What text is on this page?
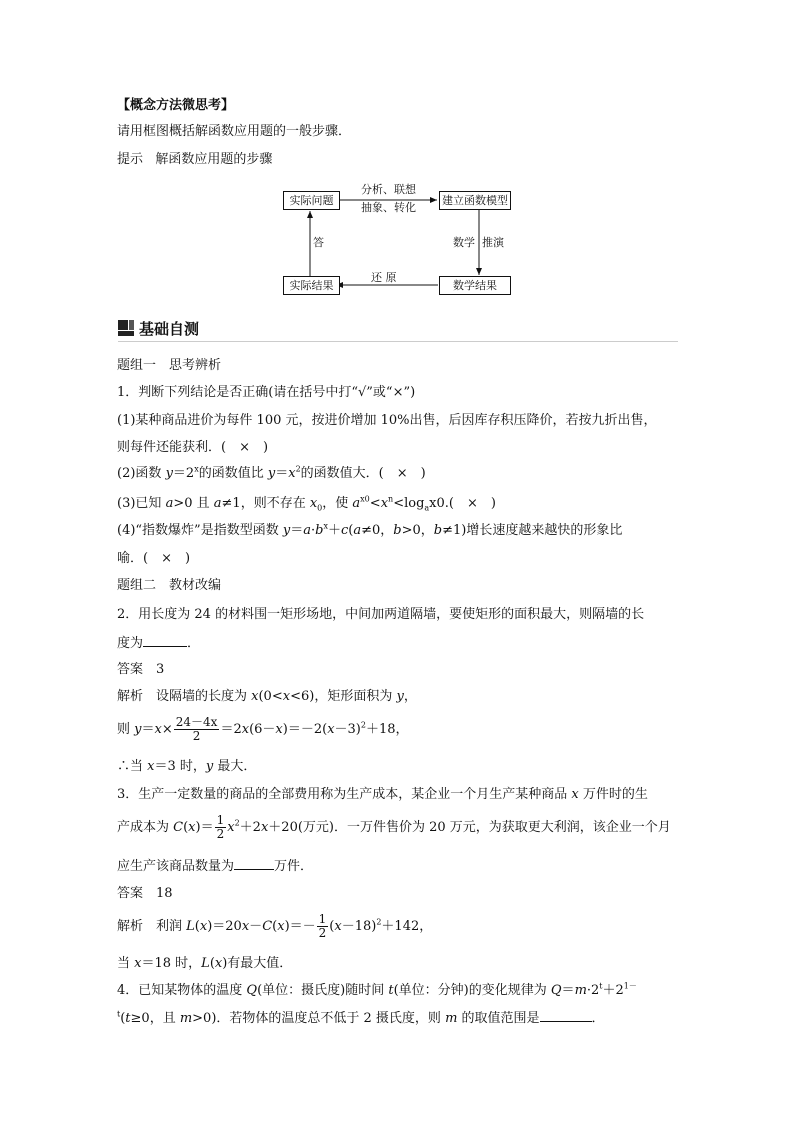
【概念方法微思考】
请用框图概括解函数应用题的一般步骤．
提示 解函数应用题的步骤
实际问题	建立函数模型
数学结果
实际结果
分析、联想
抽象、转化
数学 推演
还 原
答
基础自测
题组一　思考辨析
1．判断下列结论是否正确(请在括号中打“√”或“×”)
(1)某种商品进价为每件 100 元，按进价增加 10%出售，后因库存积压降价，若按九折出售，
则每件还能获利．(　×　)
(2)函数 $y=2^x$的函数值比 $y=x^2$的函数值大．(　×　)
(3)已知 a>0 且 a≠1，则不存在 $x_0$，使 $a^{x0}<x^n<\log_ax0$.(　×　)
(4)“指数爆炸”是指数型函数 $y=a\cdot b^x+c(a\ne 0$，b>0，b≠1)增长速度越来越快的形象比
喻．(　×　)
题组二　教材改编
2．用长度为 24 的材料围一矩形场地，中间加两道隔墙，要使矩形的面积最大，则隔墙的长
度为	．
答案　3
解析　设隔墙的长度为 x(0<x<6)，矩形面积为 y，
则 $y=x\times \frac{24-4x}{2} =2x(6-x)=-2(x-3)^2+18$，
∴当 x＝3 时，y 最大．
3．生产一定数量的商品的全部费用称为生产成本，某企业一个月生产某种商品 x 万件时的生
产成本为 $C(x)= \frac{1}{2} x^2+2x+20$(万元)．一万件售价为 20 万元，为获取更大利润，该企业一个月
应生产该商品数量为	万件．
答案　18
解析　利润 $L(x)=20x-C(x)=- \frac{1}{2} (x-18)^2+142$，
当 x＝18 时，L(x)有最大值．
4．已知某物体的温度 Q(单位：摄氏度)随时间 t(单位：分钟)的变化规律为 $Q=m\cdot 2^t+2^{1-}$
$^t$(t≥0，且 m>0)．若物体的温度总不低于 2 摄氏度，则 m 的取值范围是	．
